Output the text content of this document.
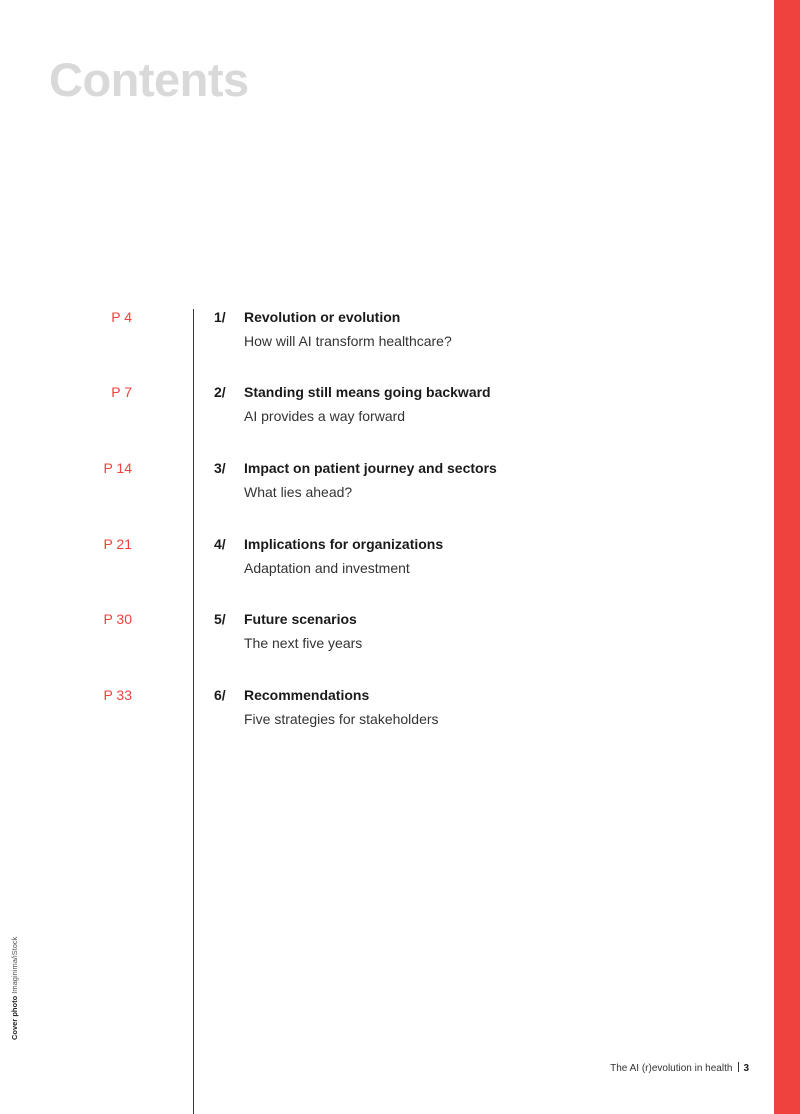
Contents
P 4	1/ Revolution or evolution
How will AI transform healthcare?
P 7	2/ Standing still means going backward
AI provides a way forward
P 14	3/ Impact on patient journey and sectors
What lies ahead?
P 21	4/ Implications for organizations
Adaptation and investment
P 30	5/ Future scenarios
The next five years
P 33	6/ Recommendations
Five strategies for stakeholders
Cover photo Imaginima/iStock
The AI (r)evolution in health 3
